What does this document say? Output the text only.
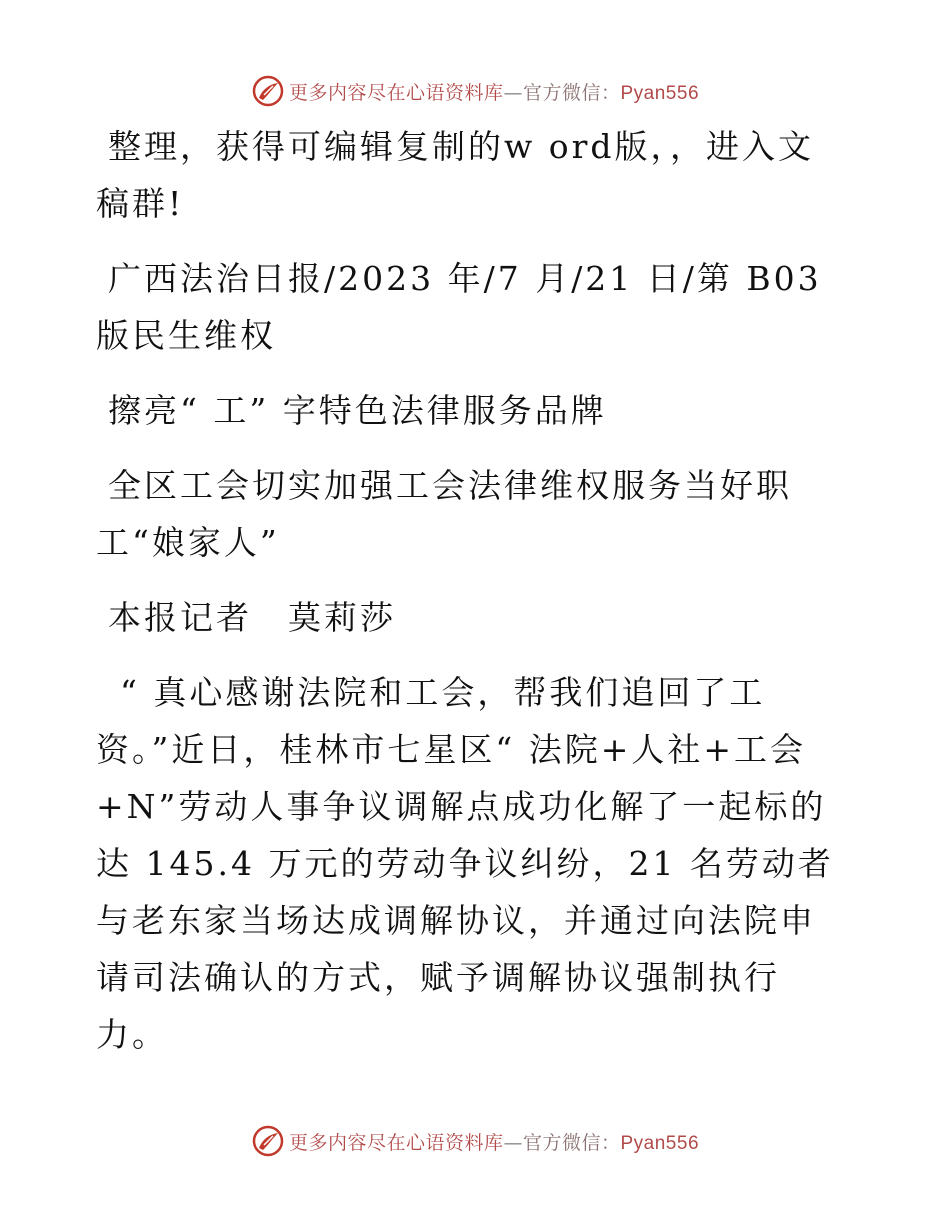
更多内容尽在心语资料库—官方微信：Pyan556

整理，获得可编辑复制的w ord版，，进入文稿群!

广西法治日报/2023 年/7 月/21 日/第 B03 版民生维权

擦亮“ 工” 字特色法律服务品牌

全区工会切实加强工会法律维权服务当好职工“娘家人”

本报记者　莫莉莎

“ 真心感谢法院和工会，帮我们追回了工资。”近日，桂林市七星区“ 法院+人社+工会+N”劳动人事争议调解点成功化解了一起标的达 145.4 万元的劳动争议纠纷，21 名劳动者与老东家当场达成调解协议，并通过向法院申请司法确认的方式，赋予调解协议强制执行力。

更多内容尽在心语资料库—官方微信：Pyan556
